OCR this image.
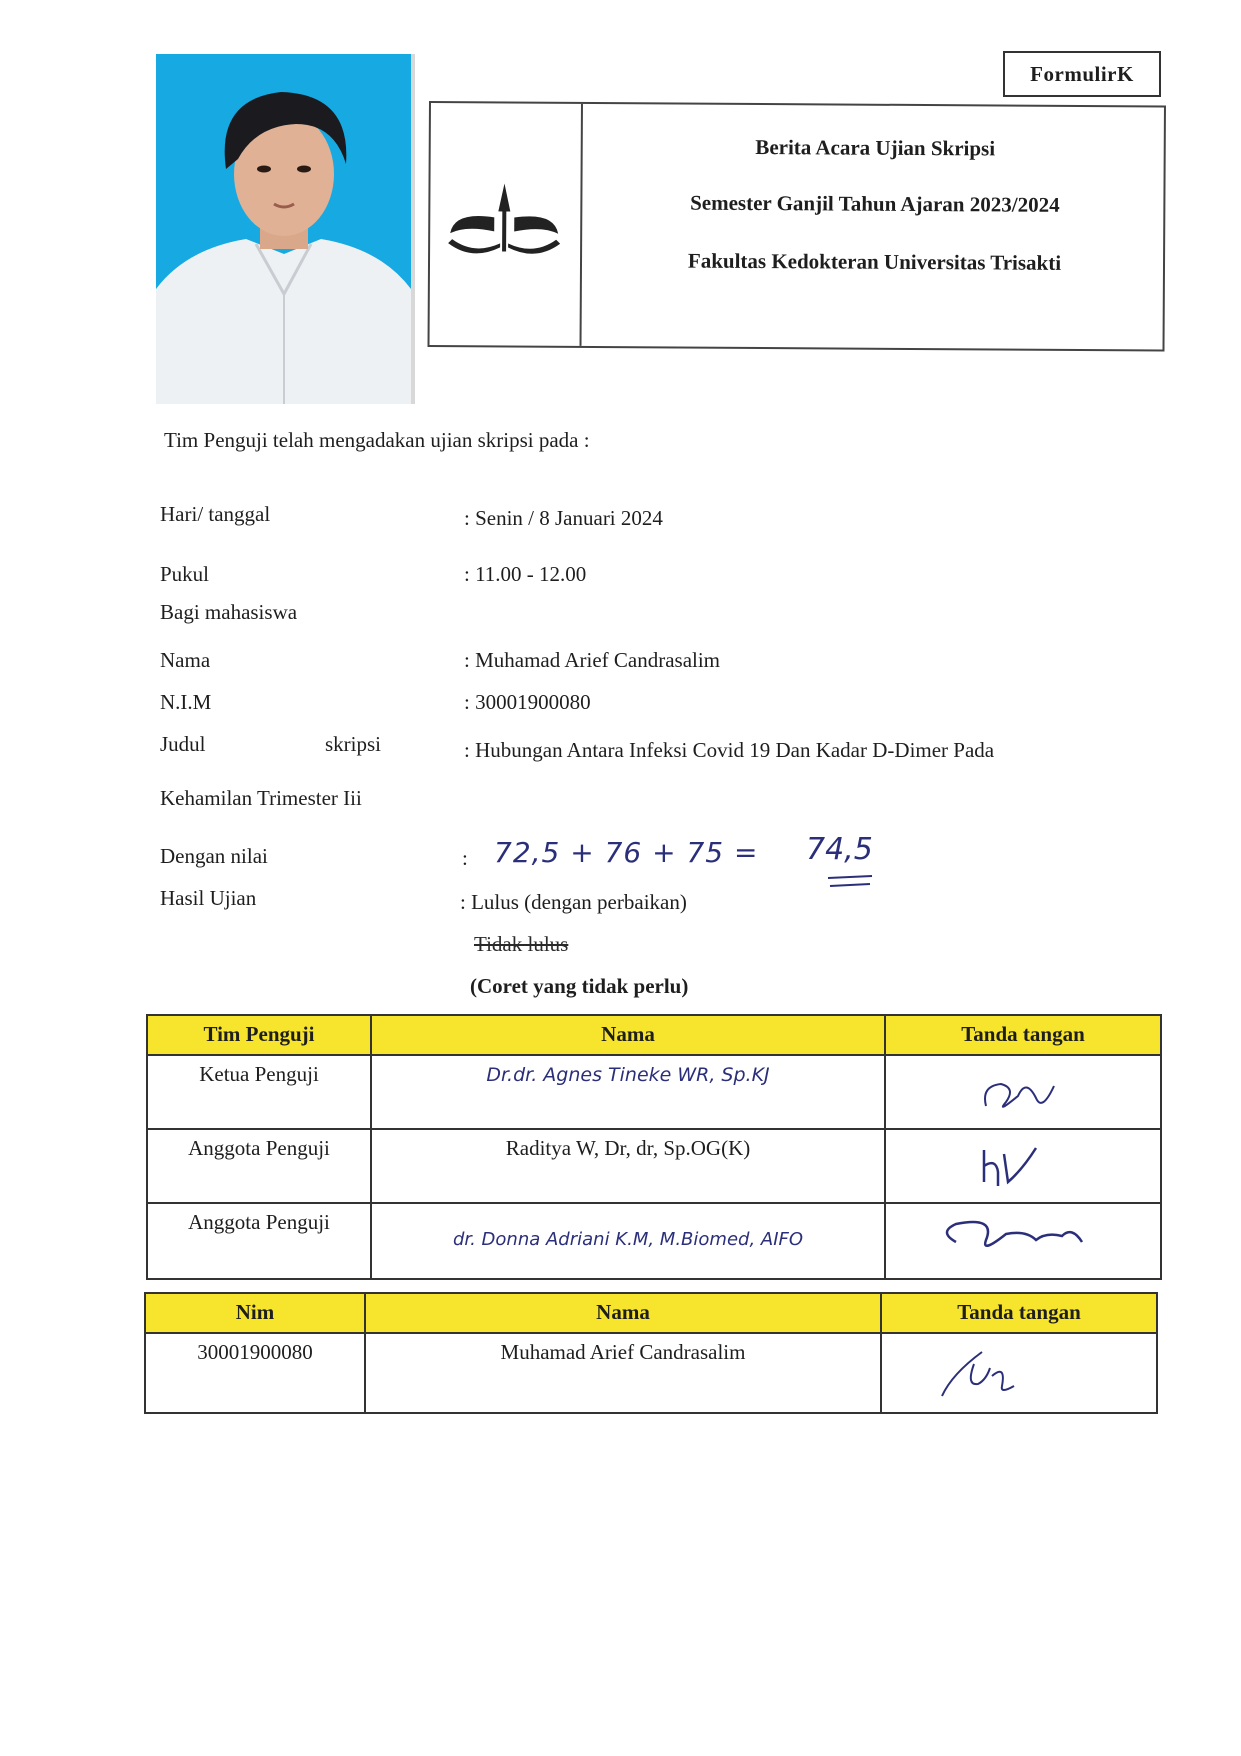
FormulirK
Berita Acara Ujian Skripsi
Semester Ganjil Tahun Ajaran 2023/2024
Fakultas Kedokteran Universitas Trisakti
Tim Penguji telah mengadakan ujian skripsi pada :
Hari/ tanggal	: Senin / 8 Januari 2024
Pukul	: 11.00 - 12.00
Bagi mahasiswa
Nama	: Muhamad Arief Candrasalim
N.I.M	: 30001900080
Judul	skripsi	: Hubungan Antara Infeksi Covid 19 Dan Kadar D-Dimer Pada
Kehamilan Trimester Iii
Dengan nilai	: 72,5 + 76 + 75 = 74,5
Hasil Ujian	: Lulus (dengan perbaikan)
Tidak lulus
(Coret yang tidak perlu)
Tim Penguji	Nama	Tanda tangan
Ketua Penguji	Dr.dr. Agnes Tineke WR, Sp.KJ	
Anggota Penguji	Raditya W, Dr, dr, Sp.OG(K)	
Anggota Penguji	dr. Donna Adriani K.M, M.Biomed, AIFO	
Nim	Nama	Tanda tangan
30001900080	Muhamad Arief Candrasalim	
